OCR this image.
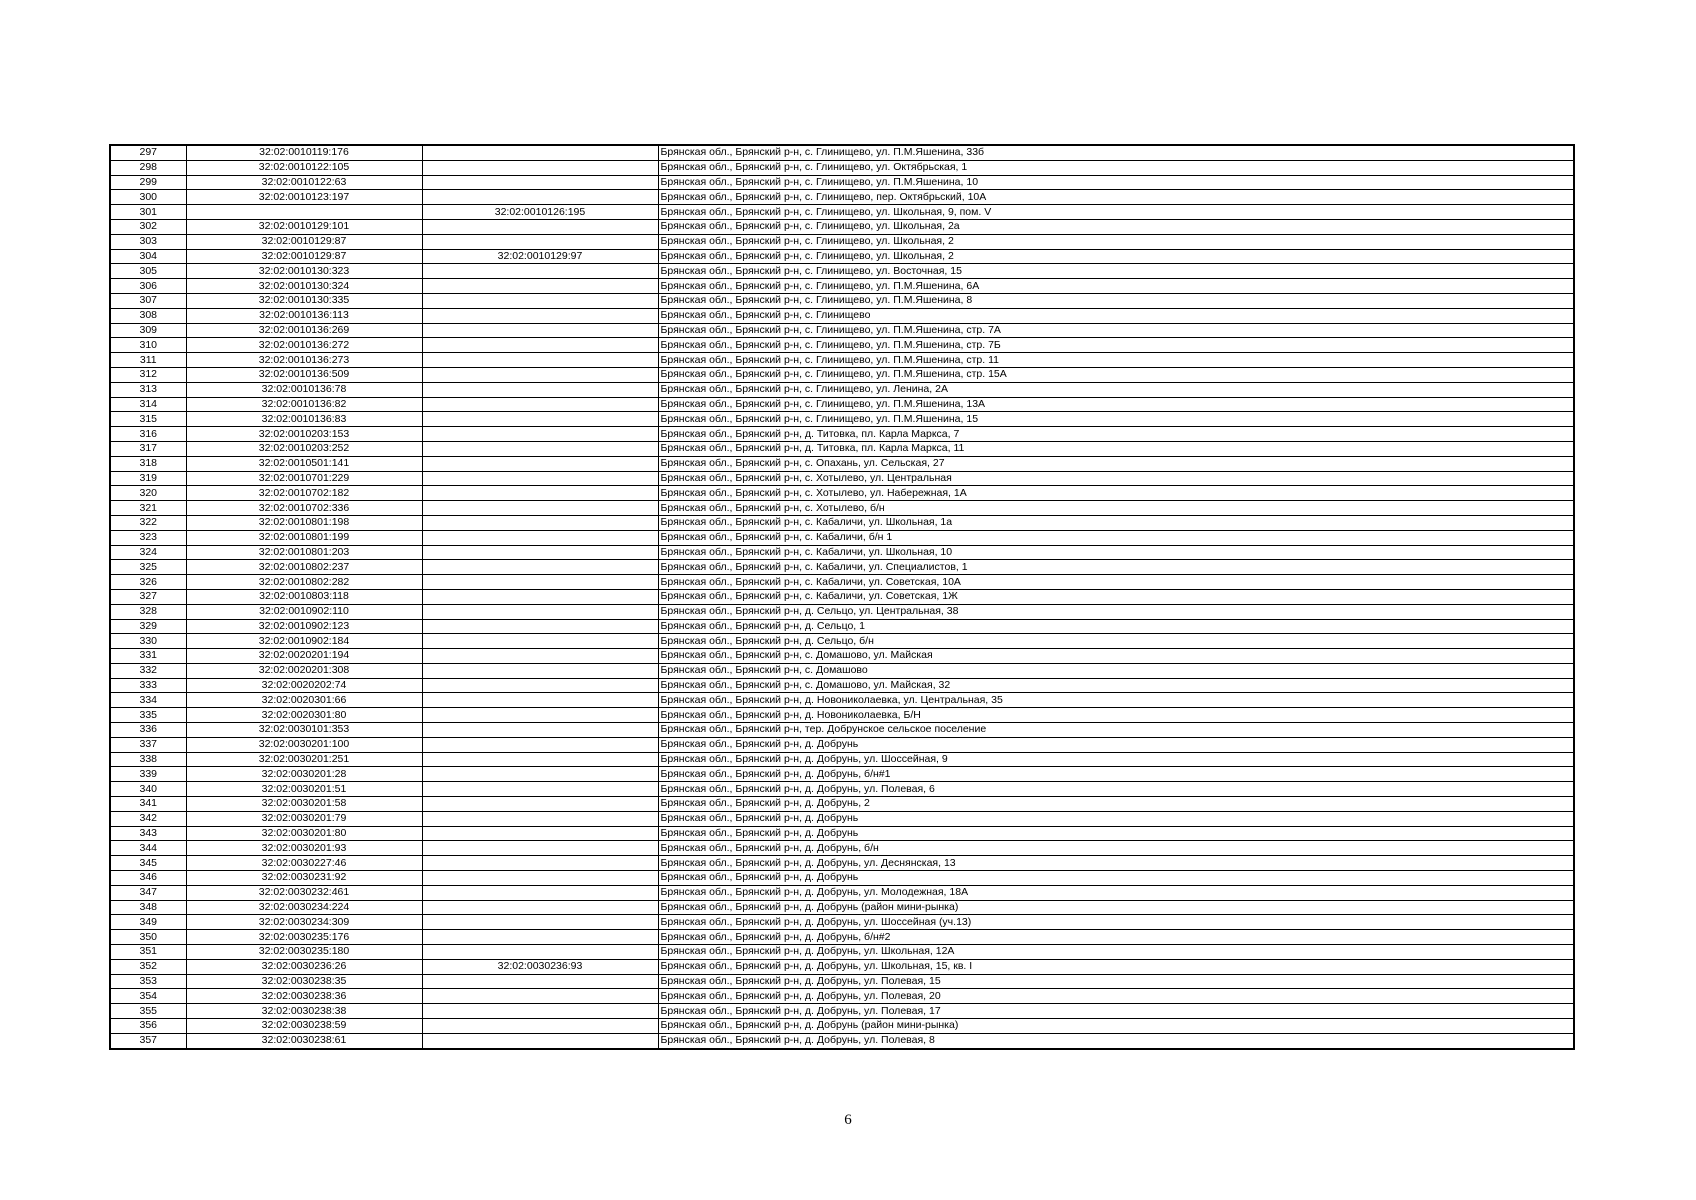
297	32:02:0010119:176		Брянская обл., Брянский р-н, с. Глинищево, ул. П.М.Яшенина, 33б
298	32:02:0010122:105		Брянская обл., Брянский р-н, с. Глинищево, ул. Октябрьская, 1
299	32:02:0010122:63		Брянская обл., Брянский р-н, с. Глинищево, ул. П.М.Яшенина, 10
300	32:02:0010123:197		Брянская обл., Брянский р-н, с. Глинищево, пер. Октябрьский, 10А
301		32:02:0010126:195	Брянская обл., Брянский р-н, с. Глинищево, ул. Школьная, 9, пом. V
302	32:02:0010129:101		Брянская обл., Брянский р-н, с. Глинищево, ул. Школьная, 2а
303	32:02:0010129:87		Брянская обл., Брянский р-н, с. Глинищево, ул. Школьная, 2
304	32:02:0010129:87	32:02:0010129:97	Брянская обл., Брянский р-н, с. Глинищево, ул. Школьная, 2
305	32:02:0010130:323		Брянская обл., Брянский р-н, с. Глинищево, ул. Восточная, 15
306	32:02:0010130:324		Брянская обл., Брянский р-н, с. Глинищево, ул. П.М.Яшенина, 6А
307	32:02:0010130:335		Брянская обл., Брянский р-н, с. Глинищево, ул. П.М.Яшенина, 8
308	32:02:0010136:113		Брянская обл., Брянский р-н, с. Глинищево
309	32:02:0010136:269		Брянская обл., Брянский р-н, с. Глинищево, ул. П.М.Яшенина, стр. 7А
310	32:02:0010136:272		Брянская обл., Брянский р-н, с. Глинищево, ул. П.М.Яшенина, стр. 7Б
311	32:02:0010136:273		Брянская обл., Брянский р-н, с. Глинищево, ул. П.М.Яшенина, стр. 11
312	32:02:0010136:509		Брянская обл., Брянский р-н, с. Глинищево, ул. П.М.Яшенина, стр. 15А
313	32:02:0010136:78		Брянская обл., Брянский р-н, с. Глинищево, ул. Ленина, 2А
314	32:02:0010136:82		Брянская обл., Брянский р-н, с. Глинищево, ул. П.М.Яшенина, 13А
315	32:02:0010136:83		Брянская обл., Брянский р-н, с. Глинищево, ул. П.М.Яшенина, 15
316	32:02:0010203:153		Брянская обл., Брянский р-н, д. Титовка, пл. Карла Маркса, 7
317	32:02:0010203:252		Брянская обл., Брянский р-н, д. Титовка, пл. Карла Маркса, 11
318	32:02:0010501:141		Брянская обл., Брянский р-н, с. Опахань, ул. Сельская, 27
319	32:02:0010701:229		Брянская обл., Брянский р-н, с. Хотылево, ул. Центральная
320	32:02:0010702:182		Брянская обл., Брянский р-н, с. Хотылево, ул. Набережная, 1А
321	32:02:0010702:336		Брянская обл., Брянский р-н, с. Хотылево, б/н
322	32:02:0010801:198		Брянская обл., Брянский р-н, с. Кабаличи, ул. Школьная, 1а
323	32:02:0010801:199		Брянская обл., Брянский р-н, с. Кабаличи, б/н 1
324	32:02:0010801:203		Брянская обл., Брянский р-н, с. Кабаличи, ул. Школьная, 10
325	32:02:0010802:237		Брянская обл., Брянский р-н, с. Кабаличи, ул. Специалистов, 1
326	32:02:0010802:282		Брянская обл., Брянский р-н, с. Кабаличи, ул. Советская, 10А
327	32:02:0010803:118		Брянская обл., Брянский р-н, с. Кабаличи, ул. Советская, 1Ж
328	32:02:0010902:110		Брянская обл., Брянский р-н, д. Сельцо, ул. Центральная, 38
329	32:02:0010902:123		Брянская обл., Брянский р-н, д. Сельцо, 1
330	32:02:0010902:184		Брянская обл., Брянский р-н, д. Сельцо, б/н
331	32:02:0020201:194		Брянская обл., Брянский р-н, с. Домашово, ул. Майская
332	32:02:0020201:308		Брянская обл., Брянский р-н, с. Домашово
333	32:02:0020202:74		Брянская обл., Брянский р-н, с. Домашово, ул. Майская, 32
334	32:02:0020301:66		Брянская обл., Брянский р-н, д. Новониколаевка, ул. Центральная, 35
335	32:02:0020301:80		Брянская обл., Брянский р-н, д. Новониколаевка, Б/Н
336	32:02:0030101:353		Брянская обл., Брянский р-н, тер. Добрунское сельское поселение
337	32:02:0030201:100		Брянская обл., Брянский р-н, д. Добрунь
338	32:02:0030201:251		Брянская обл., Брянский р-н, д. Добрунь, ул. Шоссейная, 9
339	32:02:0030201:28		Брянская обл., Брянский р-н, д. Добрунь, б/н#1
340	32:02:0030201:51		Брянская обл., Брянский р-н, д. Добрунь, ул. Полевая, 6
341	32:02:0030201:58		Брянская обл., Брянский р-н, д. Добрунь, 2
342	32:02:0030201:79		Брянская обл., Брянский р-н, д. Добрунь
343	32:02:0030201:80		Брянская обл., Брянский р-н, д. Добрунь
344	32:02:0030201:93		Брянская обл., Брянский р-н, д. Добрунь, б/н
345	32:02:0030227:46		Брянская обл., Брянский р-н, д. Добрунь, ул. Деснянская, 13
346	32:02:0030231:92		Брянская обл., Брянский р-н, д. Добрунь
347	32:02:0030232:461		Брянская обл., Брянский р-н, д. Добрунь, ул. Молодежная, 18А
348	32:02:0030234:224		Брянская обл., Брянский р-н, д. Добрунь (район мини-рынка)
349	32:02:0030234:309		Брянская обл., Брянский р-н, д. Добрунь, ул. Шоссейная (уч.13)
350	32:02:0030235:176		Брянская обл., Брянский р-н, д. Добрунь, б/н#2
351	32:02:0030235:180		Брянская обл., Брянский р-н, д. Добрунь, ул. Школьная, 12А
352	32:02:0030236:26	32:02:0030236:93	Брянская обл., Брянский р-н, д. Добрунь, ул. Школьная, 15, кв. I
353	32:02:0030238:35		Брянская обл., Брянский р-н, д. Добрунь, ул. Полевая, 15
354	32:02:0030238:36		Брянская обл., Брянский р-н, д. Добрунь, ул. Полевая, 20
355	32:02:0030238:38		Брянская обл., Брянский р-н, д. Добрунь, ул. Полевая, 17
356	32:02:0030238:59		Брянская обл., Брянский р-н, д. Добрунь (район мини-рынка)
357	32:02:0030238:61		Брянская обл., Брянский р-н, д. Добрунь, ул. Полевая, 8
6
